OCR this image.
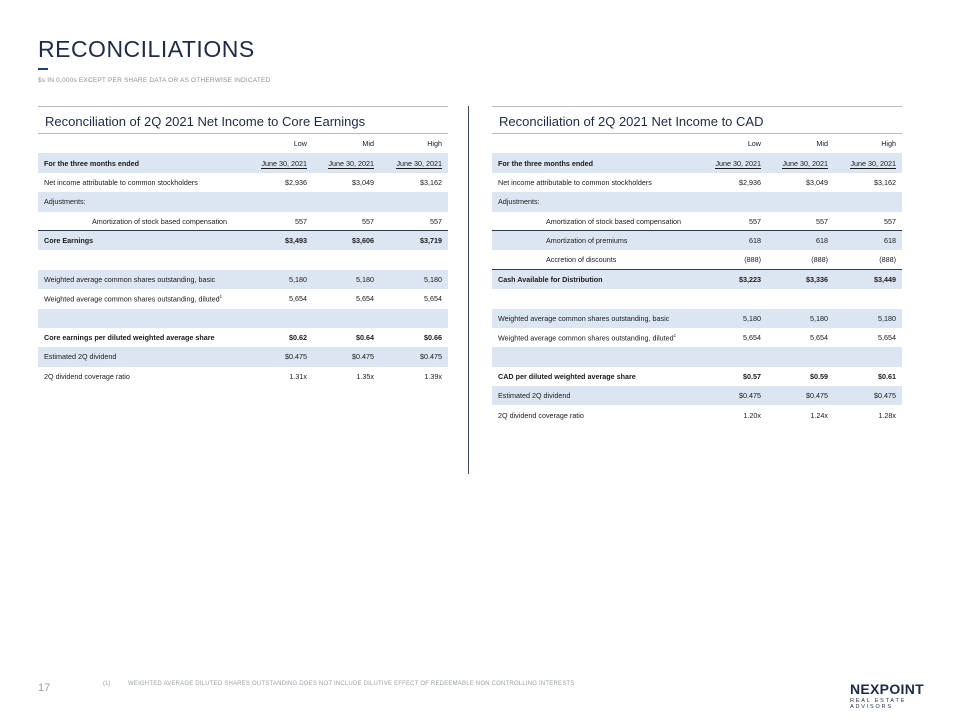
RECONCILIATIONS
$s IN 0,000s EXCEPT PER SHARE DATA OR AS OTHERWISE INDICATED
Reconciliation of 2Q 2021 Net Income to Core Earnings
	Low	Mid	High
For the three months ended	June 30, 2021	June 30, 2021	June 30, 2021
Net income attributable to common stockholders	$2,936	$3,049	$3,162
Adjustments:			
Amortization of stock based compensation	557	557	557
Core Earnings	$3,493	$3,606	$3,719

Weighted average common shares outstanding, basic	5,180	5,180	5,180
Weighted average common shares outstanding, diluted$^1$	5,654	5,654	5,654

Core earnings per diluted weighted average share	$0.62	$0.64	$0.66
Estimated 2Q dividend	$0.475	$0.475	$0.475
2Q dividend coverage ratio	1.31x	1.35x	1.39x
Reconciliation of 2Q 2021 Net Income to CAD
	Low	Mid	High
For the three months ended	June 30, 2021	June 30, 2021	June 30, 2021
Net income attributable to common stockholders	$2,936	$3,049	$3,162
Adjustments:			
Amortization of stock based compensation	557	557	557
Amortization of premiums	618	618	618
Accretion of discounts	(888)	(888)	(888)
Cash Available for Distribution	$3,223	$3,336	$3,449

Weighted average common shares outstanding, basic	5,180	5,180	5,180
Weighted average common shares outstanding, diluted$^1$	5,654	5,654	5,654

CAD per diluted weighted average share	$0.57	$0.59	$0.61
Estimated 2Q dividend	$0.475	$0.475	$0.475
2Q dividend coverage ratio	1.20x	1.24x	1.28x
17	(1)	WEIGHTED AVERAGE DILUTED SHARES OUTSTANDING DOES NOT INCLUDE DILUTIVE EFFECT OF REDEEMABLE NON CONTROLLING INTERESTS	NEXPOINT
REAL ESTATE ADVISORS
